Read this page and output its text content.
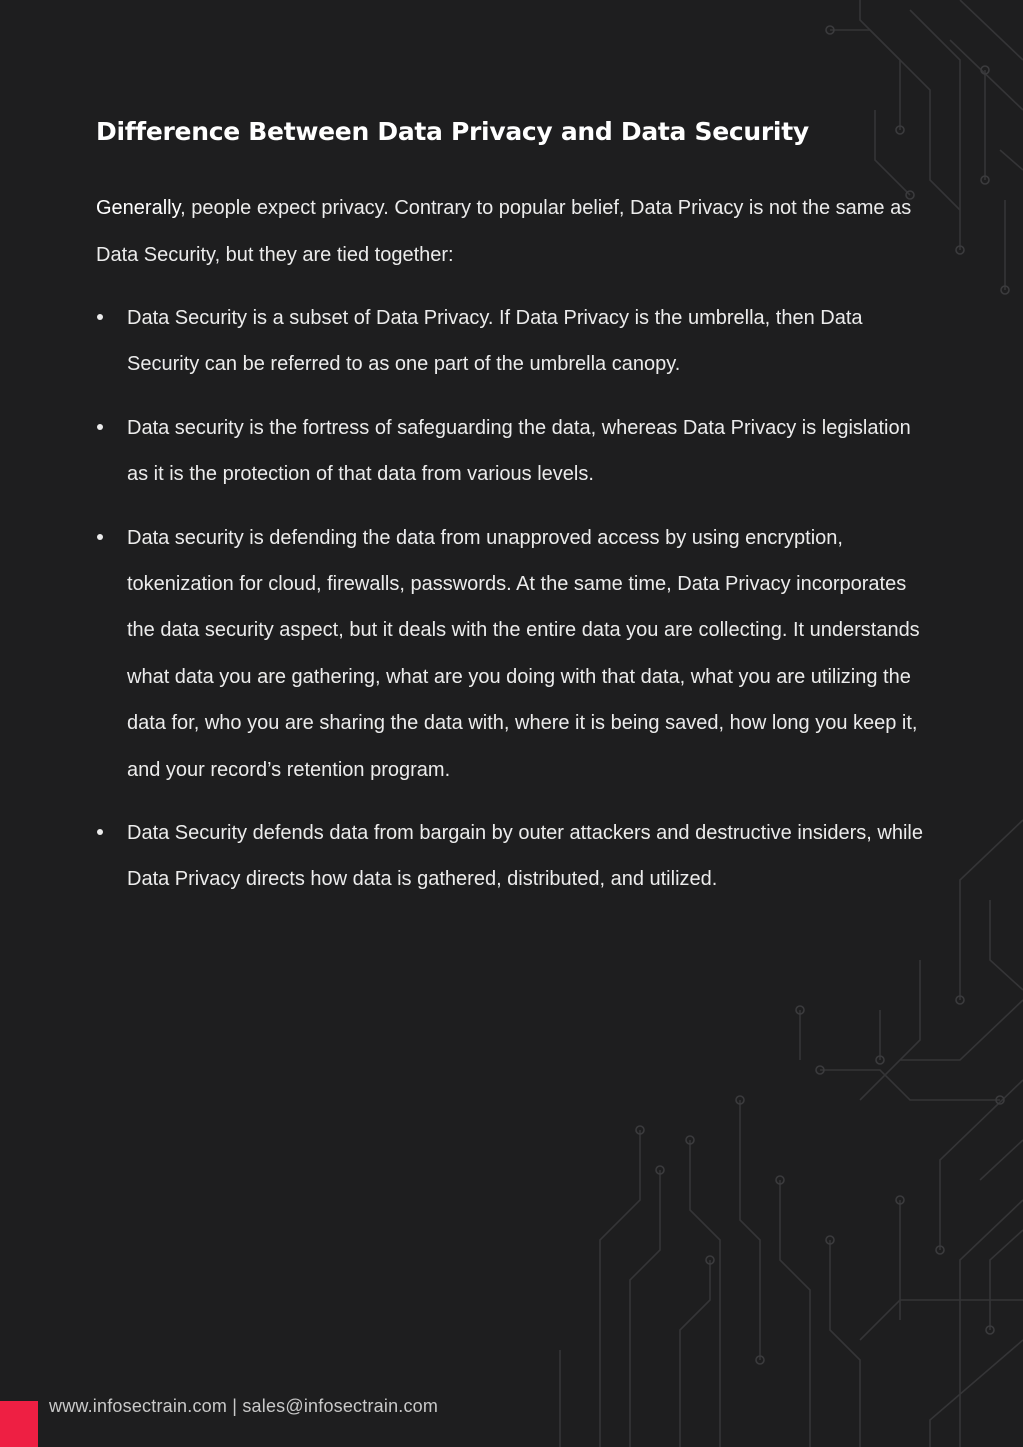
Difference Between Data Privacy and Data Security

Generally, people expect privacy. Contrary to popular belief, Data Privacy is not the same as Data Security, but they are tied together:

Data Security is a subset of Data Privacy. If Data Privacy is the umbrella, then Data Security can be referred to as one part of the umbrella canopy.
Data security is the fortress of safeguarding the data, whereas Data Privacy is legislation as it is the protection of that data from various levels.
Data security is defending the data from unapproved access by using encryption, tokenization for cloud, firewalls, passwords. At the same time, Data Privacy incorporates the data security aspect, but it deals with the entire data you are collecting. It understands what data you are gathering, what are you doing with that data, what you are utilizing the data for, who you are sharing the data with, where it is being saved, how long you keep it, and your record’s retention program.
Data Security defends data from bargain by outer attackers and destructive insiders, while Data Privacy directs how data is gathered, distributed, and utilized.
www.infosectrain.com | sales@infosectrain.com
